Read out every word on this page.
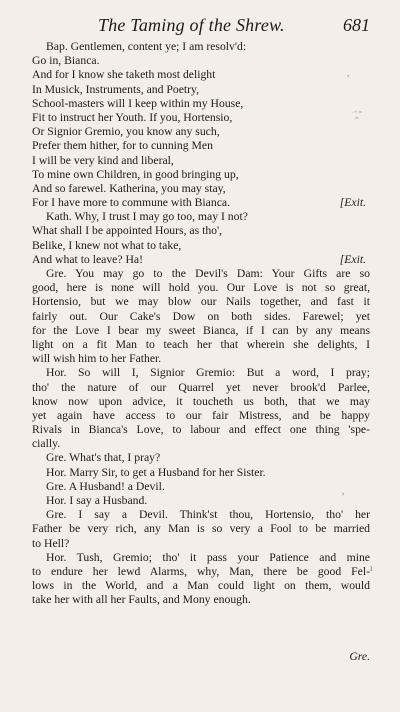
The Taming of the Shrew.	681
·~ ≈
≈
,
,
ı
Bap. Gentlemen, content ye; I am resolv'd:
Go in, Bianca.
And for I know she taketh most delight
In Musick, Instruments, and Poetry,
School-masters will I keep within my House,
Fit to instruct her Youth. If you, Hortensio,
Or Signior Gremio, you know any such,
Prefer them hither, for to cunning Men
I will be very kind and liberal,
To mine own Children, in good bringing up,
And so farewel. Katherina, you may stay,
For I have more to commune with Bianca.	[Exit.
Kath. Why, I trust I may go too, may I not?
What shall I be appointed Hours, as tho',
Belike, I knew not what to take,
And what to leave? Ha!	[Exit.
Gre. You may go to the Devil's Dam: Your Gifts are so
good, here is none will hold you. Our Love is not so great,
Hortensio, but we may blow our Nails together, and fast it
fairly out. Our Cake's Dow on both sides. Farewel; yet
for the Love I bear my sweet Bianca, if I can by any means
light on a fit Man to teach her that wherein she delights, I
will wish him to her Father.
Hor. So will I, Signior Gremio: But a word, I pray;
tho' the nature of our Quarrel yet never brook'd Parlee,
know now upon advice, it toucheth us both, that we may
yet again have access to our fair Mistress, and be happy
Rivals in Bianca's Love, to labour and effect one thing 'spe-
cially.
Gre. What's that, I pray?
Hor. Marry Sir, to get a Husband for her Sister.
Gre. A Husband! a Devil.
Hor. I say a Husband.
Gre. I say a Devil. Think'st thou, Hortensio, tho' her
Father be very rich, any Man is so very a Fool to be married
to Hell?
Hor. Tush, Gremio; tho' it pass your Patience and mine
to endure her lewd Alarms, why, Man, there be good Fel-
lows in the World, and a Man could light on them, would
take her with all her Faults, and Mony enough.
Gre.
